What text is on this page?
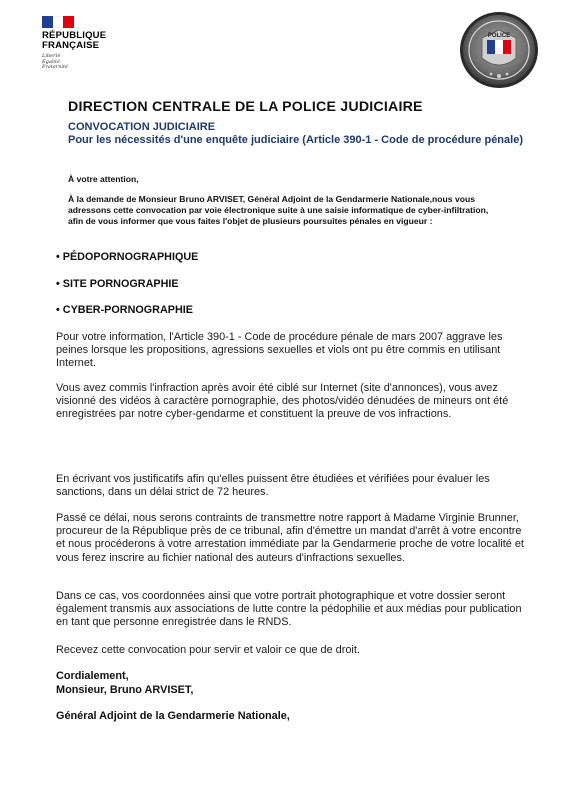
RÉPUBLIQUE
FRANÇAISE
Liberté
Égalité
Fraternité
POLICE

DIRECTION CENTRALE DE LA POLICE JUDICIAIRE

CONVOCATION JUDICIAIRE

Pour les nécessités d'une enquête judiciaire (Article 390-1 - Code de procédure pénale)

À votre attention,

À la demande de Monsieur Bruno ARVISET, Général Adjoint de la Gendarmerie Nationale,nous vous adressons cette convocation par voie électronique suite à une saisie informatique de cyber-infiltration, afin de vous informer que vous faites l'objet de plusieurs poursuites pénales en vigueur :

• PÉDOPORNOGRAPHIQUE

• SITE PORNOGRAPHIE

• CYBER-PORNOGRAPHIE

Pour votre information, l'Article 390-1 - Code de procédure pénale de mars 2007 aggrave les peines lorsque les propositions, agressions sexuelles et viols ont pu être commis en utilisant Internet.

Vous avez commis l'infraction après avoir été ciblé sur Internet (site d'annonces), vous avez visionné des vidéos à caractère pornographie, des photos/vidéo dénudées de mineurs ont été enregistrées par notre cyber-gendarme et constituent la preuve de vos infractions.

En écrivant vos justificatifs afin qu'elles puissent être étudiées et vérifiées pour évaluer les sanctions, dans un délai strict de 72 heures.

Passé ce délai, nous serons contraints de transmettre notre rapport à Madame Virginie Brunner, procureur de la République près de ce tribunal, afin d'émettre un mandat d'arrêt à votre encontre et nous procéderons à votre arrestation immédiate par la Gendarmerie proche de votre localité et vous ferez inscrire au fichier national des auteurs d'infractions sexuelles.

Dans ce cas, vos coordonnées ainsi que votre portrait photographique et votre dossier seront également transmis aux associations de lutte contre la pédophilie et aux médias pour publication en tant que personne enregistrée dans le RNDS.

Recevez cette convocation pour servir et valoir ce que de droit.

Cordialement,

Monsieur, Bruno ARVISET,

Général Adjoint de la Gendarmerie Nationale,
